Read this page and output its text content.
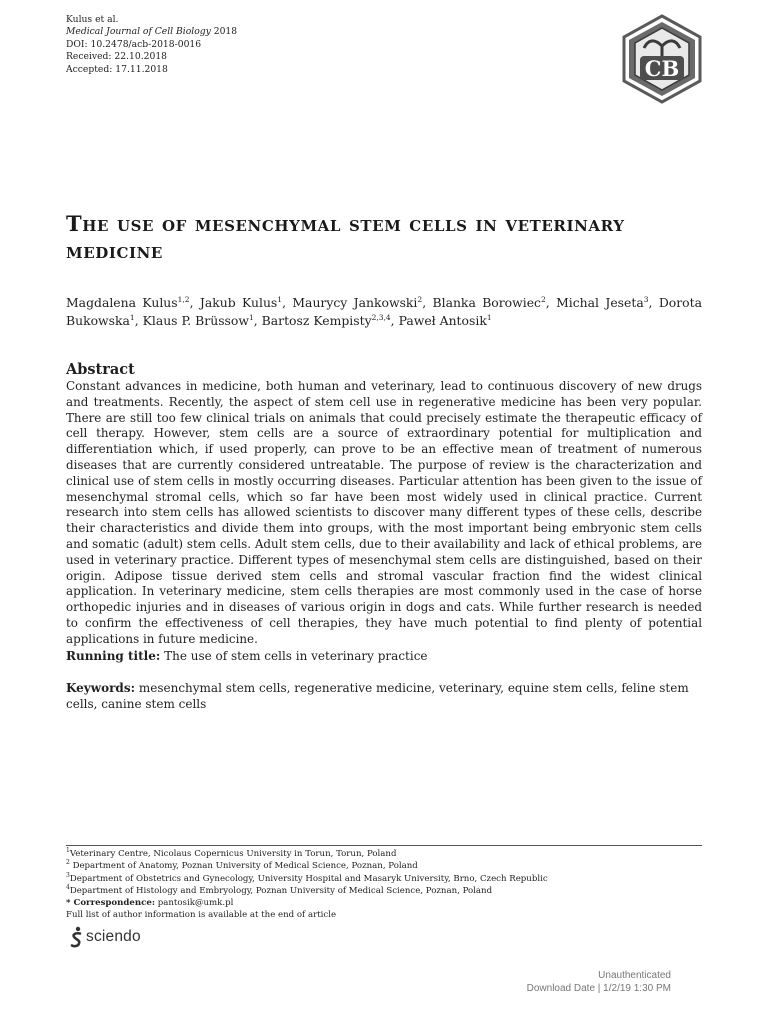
Kulus et al.
Medical Journal of Cell Biology 2018
DOI: 10.2478/acb-2018-0016
Received: 22.10.2018
Accepted: 17.11.2018	CB
The use of mesenchymal stem cells in veterinary medicine
Magdalena Kulus$^{1,2}$, Jakub Kulus$^1$, Maurycy Jankowski$^2$, Blanka Borowiec$^2$, Michal Jeseta$^3$, Dorota Bukowska$^1$, Klaus P. Brüssow$^1$, Bartosz Kempisty$^{2,3,4}$, Paweł Antosik$^1$
Abstract

Constant advances in medicine, both human and veterinary, lead to continuous discovery of new drugs and treatments. Recently, the aspect of stem cell use in regenerative medicine has been very popular. There are still too few clinical trials on animals that could precisely estimate the therapeutic efficacy of cell therapy. However, stem cells are a source of extraordinary potential for multiplication and differentiation which, if used properly, can prove to be an effective mean of treatment of numerous diseases that are currently considered untreatable. The purpose of review is the characterization and clinical use of stem cells in mostly occurring diseases. Particular attention has been given to the issue of mesenchymal stromal cells, which so far have been most widely used in clinical practice. Current research into stem cells has allowed scientists to discover many different types of these cells, describe their characteristics and divide them into groups, with the most important being embryonic stem cells and somatic (adult) stem cells. Adult stem cells, due to their availability and lack of ethical problems, are used in veterinary practice. Different types of mesenchymal stem cells are distinguished, based on their origin. Adipose tissue derived stem cells and stromal vascular fraction find the widest clinical application. In veterinary medicine, stem cells therapies are most commonly used in the case of horse orthopedic injuries and in diseases of various origin in dogs and cats. While further research is needed to confirm the effectiveness of cell therapies, they have much potential to find plenty of potential applications in future medicine.

Running title: The use of stem cells in veterinary practice
Keywords: mesenchymal stem cells, regenerative medicine, veterinary, equine stem cells, feline stem cells, canine stem cells
$^1$Veterinary Centre, Nicolaus Copernicus University in Torun, Torun, Poland
$^2$ Department of Anatomy, Poznan University of Medical Science, Poznan, Poland
$^3$Department of Obstetrics and Gynecology, University Hospital and Masaryk University, Brno, Czech Republic
$^4$Department of Histology and Embryology, Poznan University of Medical Science, Poznan, Poland
* Correspondence: pantosik@umk.pl
Full list of author information is available at the end of article
sciendo
Unauthenticated
Download Date | 1/2/19 1:30 PM
